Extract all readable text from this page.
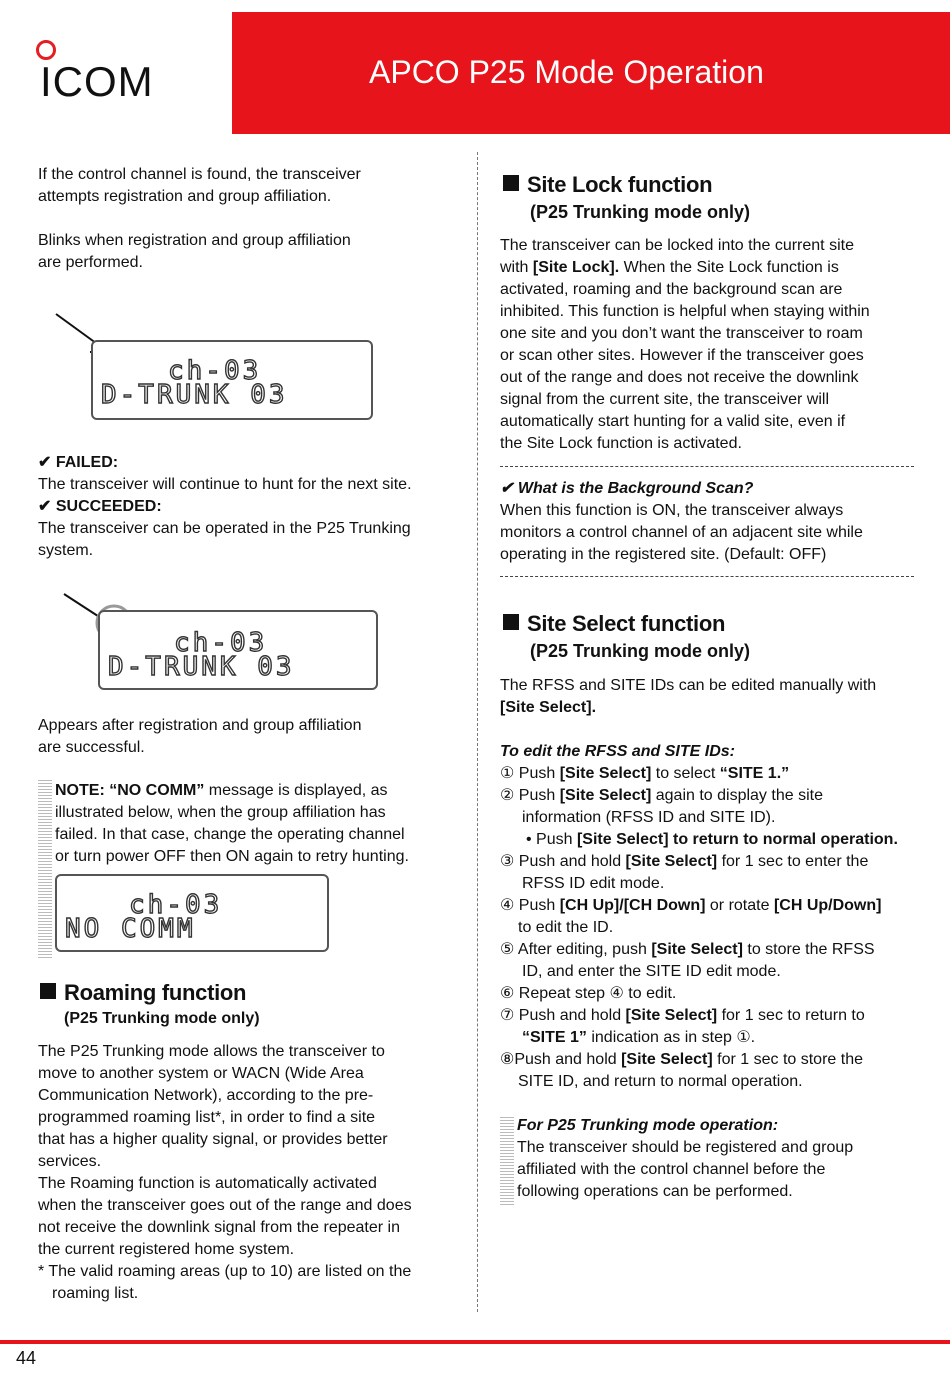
ICOM	APCO P25 Mode Operation
If the control channel is found, the transceiver
attempts registration and group affiliation.
Blinks when registration and group affiliation
are performed.
ch-03
D-TRUNK 03
✔ FAILED:
The transceiver will continue to hunt for the next site.
✔ SUCCEEDED:
The transceiver can be operated in the P25 Trunking
system.
ch-03
D-TRUNK 03
Appears after registration and group affiliation
are successful.
NOTE: “NO COMM” message is displayed, as
illustrated below, when the group affiliation has
failed. In that case, change the operating channel
or turn power OFF then ON again to retry hunting.
ch-03
NO COMM
Roaming function
(P25 Trunking mode only)
The P25 Trunking mode allows the transceiver to
move to another system or WACN (Wide Area
Communication Network), according to the pre-
programmed roaming list*, in order to find a site
that has a higher quality signal, or provides better
services.
The Roaming function is automatically activated
when the transceiver goes out of the range and does
not receive the downlink signal from the repeater in
the current registered home system.
* The valid roaming areas (up to 10) are listed on the
roaming list.
Site Lock function
(P25 Trunking mode only)
The transceiver can be locked into the current site
with [Site Lock]. When the Site Lock function is
activated, roaming and the background scan are
inhibited. This function is helpful when staying within
one site and you don’t want the transceiver to roam
or scan other sites. However if the transceiver goes
out of the range and does not receive the downlink
signal from the current site, the transceiver will
automatically start hunting for a valid site, even if
the Site Lock function is activated.
✔ What is the Background Scan?
When this function is ON, the transceiver always
monitors a control channel of an adjacent site while
operating in the registered site. (Default: OFF)
Site Select function
(P25 Trunking mode only)
The RFSS and SITE IDs can be edited manually with
[Site Select].
To edit the RFSS and SITE IDs:
① Push [Site Select] to select “SITE 1.”
② Push [Site Select] again to display the site
information (RFSS ID and SITE ID).
• Push [Site Select] to return to normal operation.
③ Push and hold [Site Select] for 1 sec to enter the
RFSS ID edit mode.
④ Push [CH Up]/[CH Down] or rotate [CH Up/Down]
to edit the ID.
⑤ After editing, push [Site Select] to store the RFSS
ID, and enter the SITE ID edit mode.
⑥ Repeat step ④ to edit.
⑦ Push and hold [Site Select] for 1 sec to return to
“SITE 1” indication as in step ①.
⑧Push and hold [Site Select] for 1 sec to store the
SITE ID, and return to normal operation.
For P25 Trunking mode operation:
The transceiver should be registered and group
affiliated with the control channel before the
following operations can be performed.
44
